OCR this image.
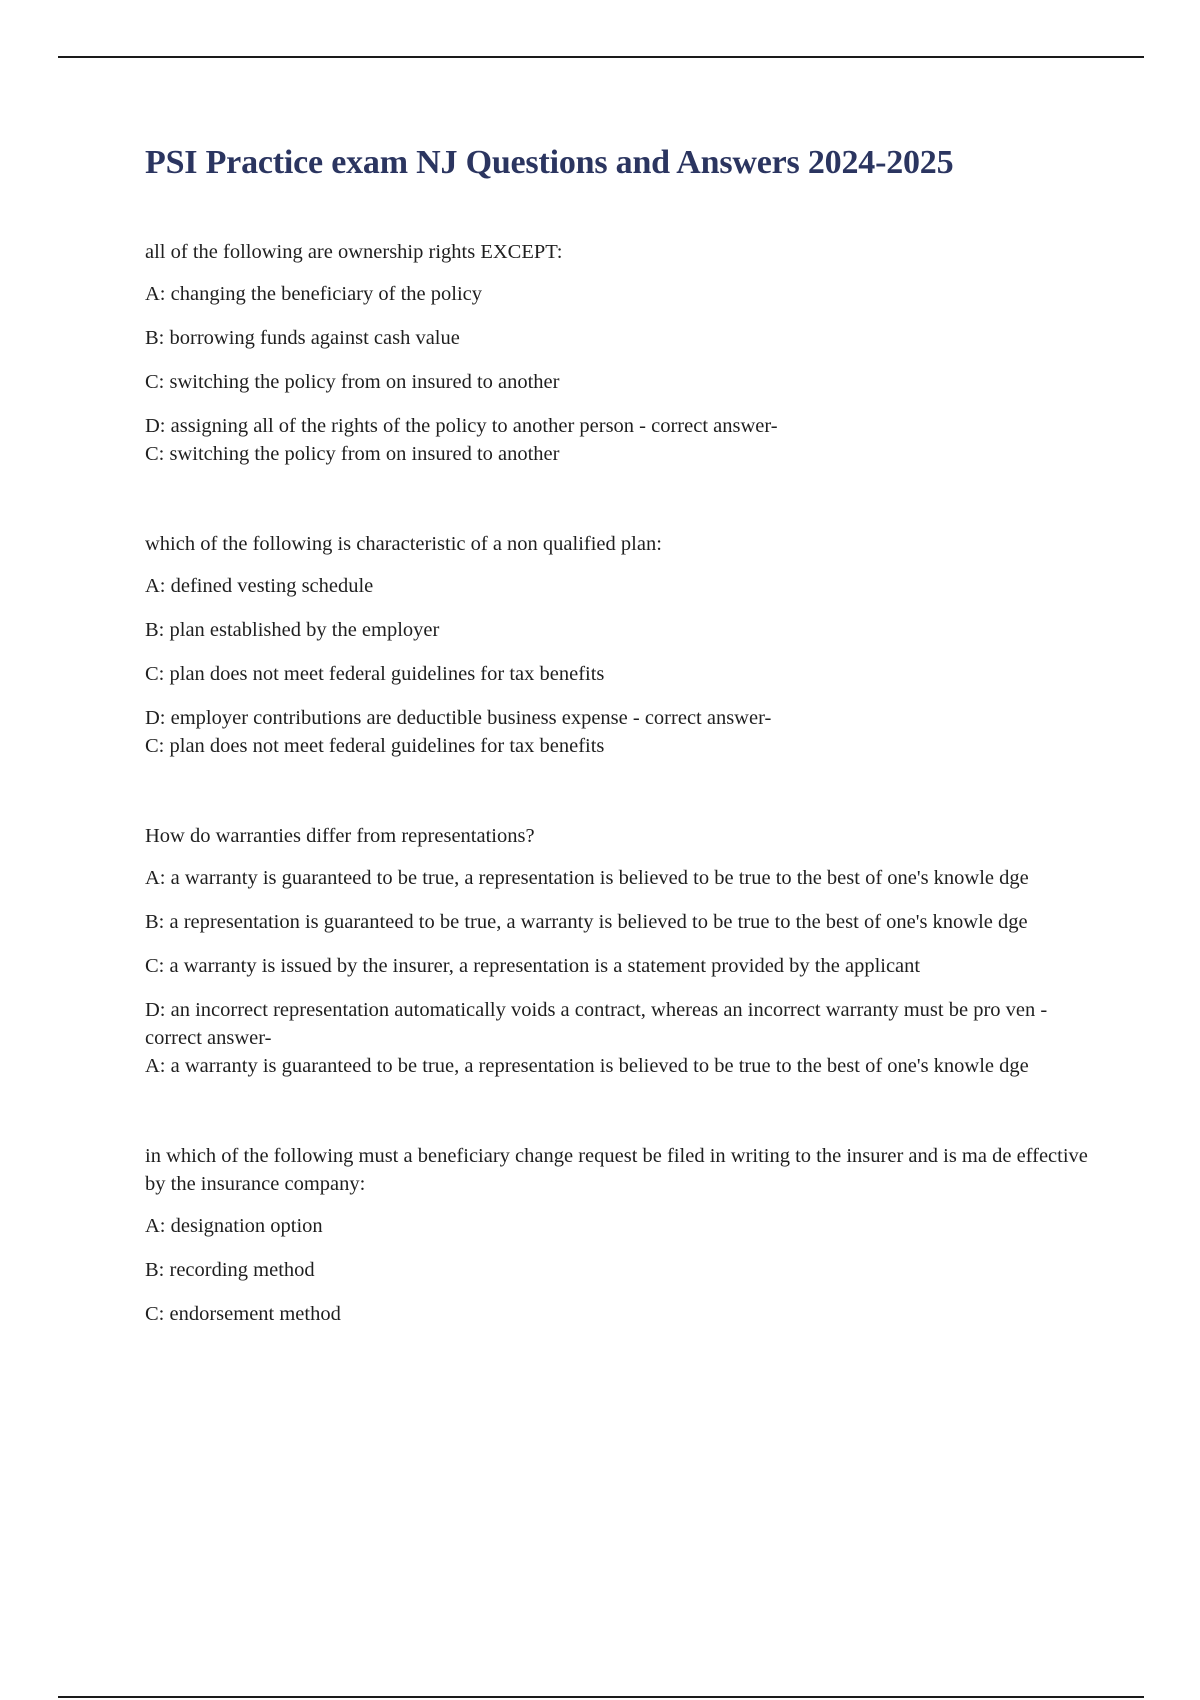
PSI Practice exam NJ Questions and Answers 2024-2025

all of the following are ownership rights EXCEPT:

A: changing the beneficiary of the policy

B: borrowing funds against cash value

C: switching the policy from on insured to another

D: assigning all of the rights of the policy to another person - correct answer-

C: switching the policy from on insured to another

which of the following is characteristic of a non qualified plan:

A: defined vesting schedule

B: plan established by the employer

C: plan does not meet federal guidelines for tax benefits

D: employer contributions are deductible business expense - correct answer-

C: plan does not meet federal guidelines for tax benefits

How do warranties differ from representations?

A: a warranty is guaranteed to be true, a representation is believed to be true to the best of one's knowle dge

B: a representation is guaranteed to be true, a warranty is believed to be true to the best of one's knowle dge

C: a warranty is issued by the insurer, a representation is a statement provided by the applicant

D: an incorrect representation automatically voids a contract, whereas an incorrect warranty must be pro ven - correct answer-

A: a warranty is guaranteed to be true, a representation is believed to be true to the best of one's knowle dge

in which of the following must a beneficiary change request be filed in writing to the insurer and is ma de effective by the insurance company:

A: designation option

B: recording method

C: endorsement method
